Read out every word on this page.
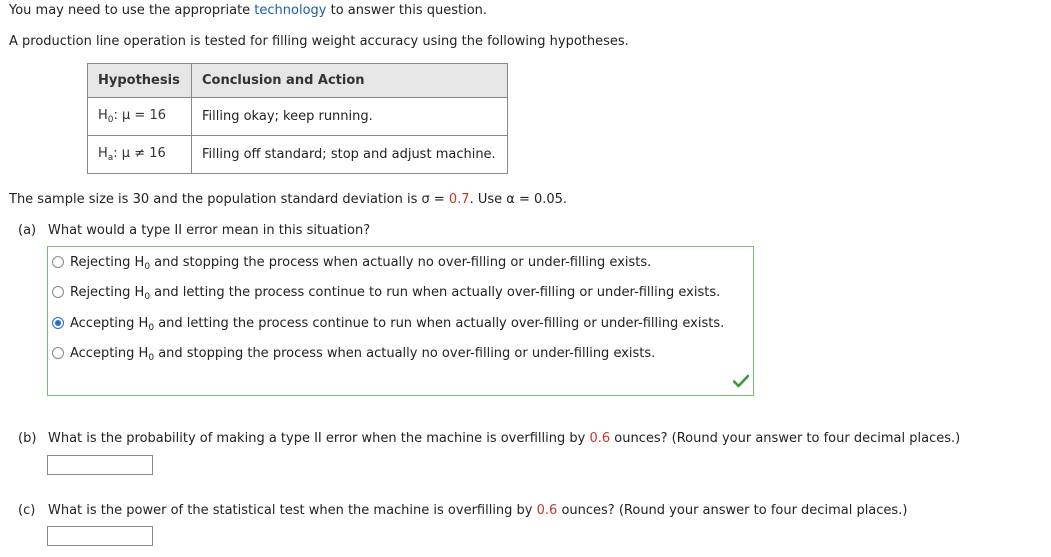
You may need to use the appropriate technology to answer this question.
A production line operation is tested for filling weight accuracy using the following hypotheses.
Hypothesis	Conclusion and Action
$H_0$: μ = 16	Filling okay; keep running.
$H_a$: μ ≠ 16	Filling off standard; stop and adjust machine.
The sample size is 30 and the population standard deviation is σ = 0.7. Use α = 0.05.
(a) What would a type II error mean in this situation?
Rejecting $H_0$ and stopping the process when actually no over-filling or under-filling exists.
Rejecting $H_0$ and letting the process continue to run when actually over-filling or under-filling exists.
Accepting $H_0$ and letting the process continue to run when actually over-filling or under-filling exists.
Accepting $H_0$ and stopping the process when actually no over-filling or under-filling exists.
(b) What is the probability of making a type II error when the machine is overfilling by 0.6 ounces? (Round your answer to four decimal places.)
(c) What is the power of the statistical test when the machine is overfilling by 0.6 ounces? (Round your answer to four decimal places.)
